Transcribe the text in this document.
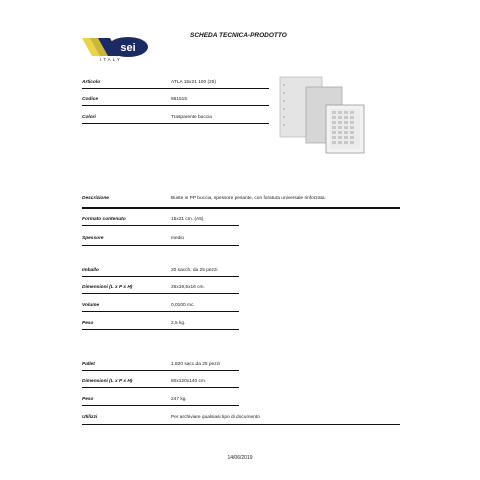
sei
ITALY
SCHEDA TECNICA-PRODOTTO
Articolo	ATLA 15x21 100 (25)
Codice	661515
Colori	Trasparente buccia
Descrizione	Buste in PP buccia, spessore pesante, con foratura universale rinforzata.
Formato contenuto	15x21 cm. (A5)
Spessore	medio
Imballo	20 sacch. da 25 pezzi
Dimensioni (L x P x H)	26x19,5x16 cm.
Volume	0,0100 mc.
Peso	2,5 kg.
Pallet	1.820 sacc.da 25 pezzi
Dimensioni (L x P x H)	80x120x140 cm.
Peso	247 kg.
Utilizzi	Per archiviare qualsiasi tipo di documento
14/06/2019
